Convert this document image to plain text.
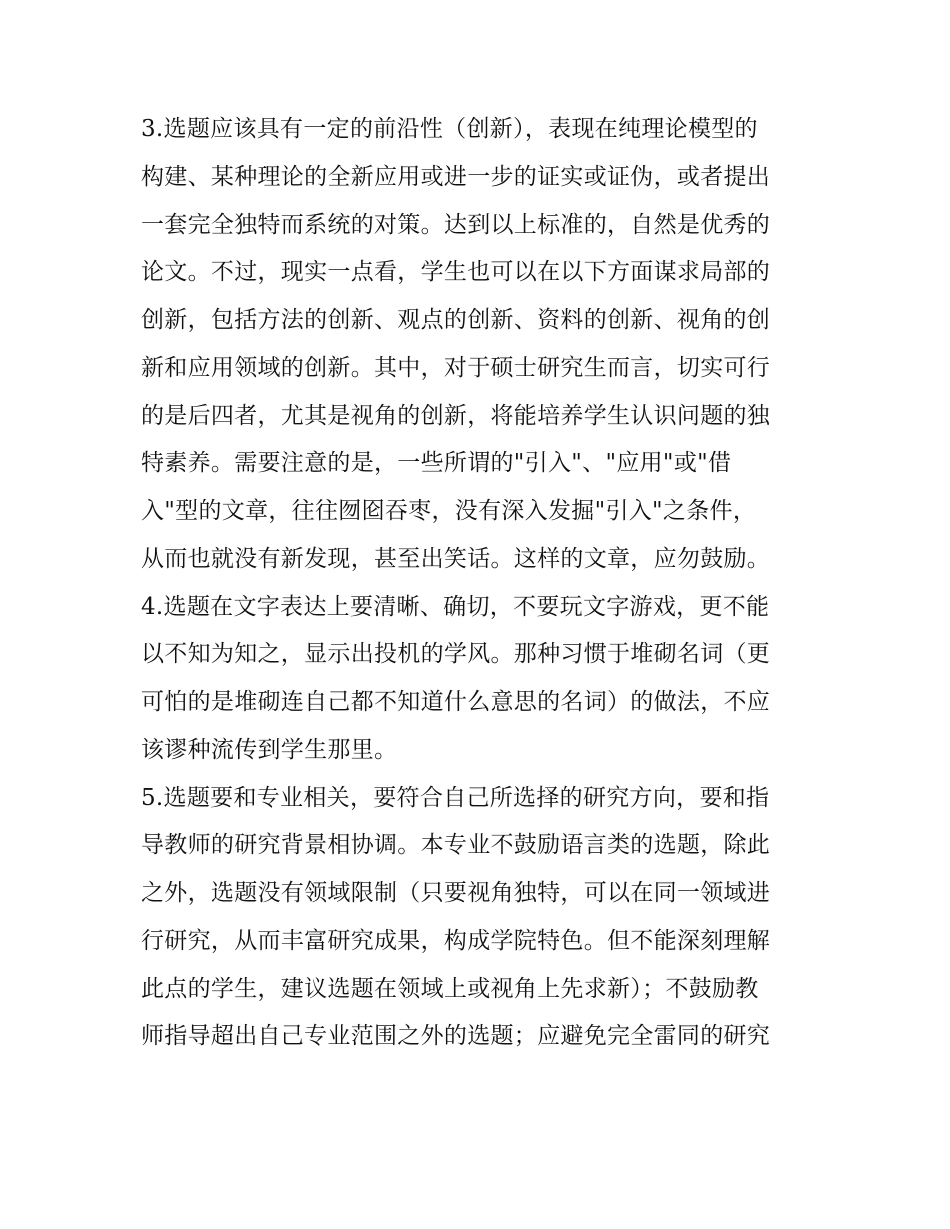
3.选题应该具有一定的前沿性（创新），表现在纯理论模型的
构建、某种理论的全新应用或进一步的证实或证伪，或者提出
一套完全独特而系统的对策。达到以上标准的，自然是优秀的
论文。不过，现实一点看，学生也可以在以下方面谋求局部的
创新，包括方法的创新、观点的创新、资料的创新、视角的创
新和应用领域的创新。其中，对于硕士研究生而言，切实可行
的是后四者，尤其是视角的创新，将能培养学生认识问题的独
特素养。需要注意的是，一些所谓的"引入"、"应用"或"借
入"型的文章，往往囫囵吞枣，没有深入发掘"引入"之条件，
从而也就没有新发现，甚至出笑话。这样的文章，应勿鼓励。
4.选题在文字表达上要清晰、确切，不要玩文字游戏，更不能
以不知为知之，显示出投机的学风。那种习惯于堆砌名词（更
可怕的是堆砌连自己都不知道什么意思的名词）的做法，不应
该谬种流传到学生那里。
5.选题要和专业相关，要符合自己所选择的研究方向，要和指
导教师的研究背景相协调。本专业不鼓励语言类的选题，除此
之外，选题没有领域限制（只要视角独特，可以在同一领域进
行研究，从而丰富研究成果，构成学院特色。但不能深刻理解
此点的学生，建议选题在领域上或视角上先求新）；不鼓励教
师指导超出自己专业范围之外的选题；应避免完全雷同的研究
